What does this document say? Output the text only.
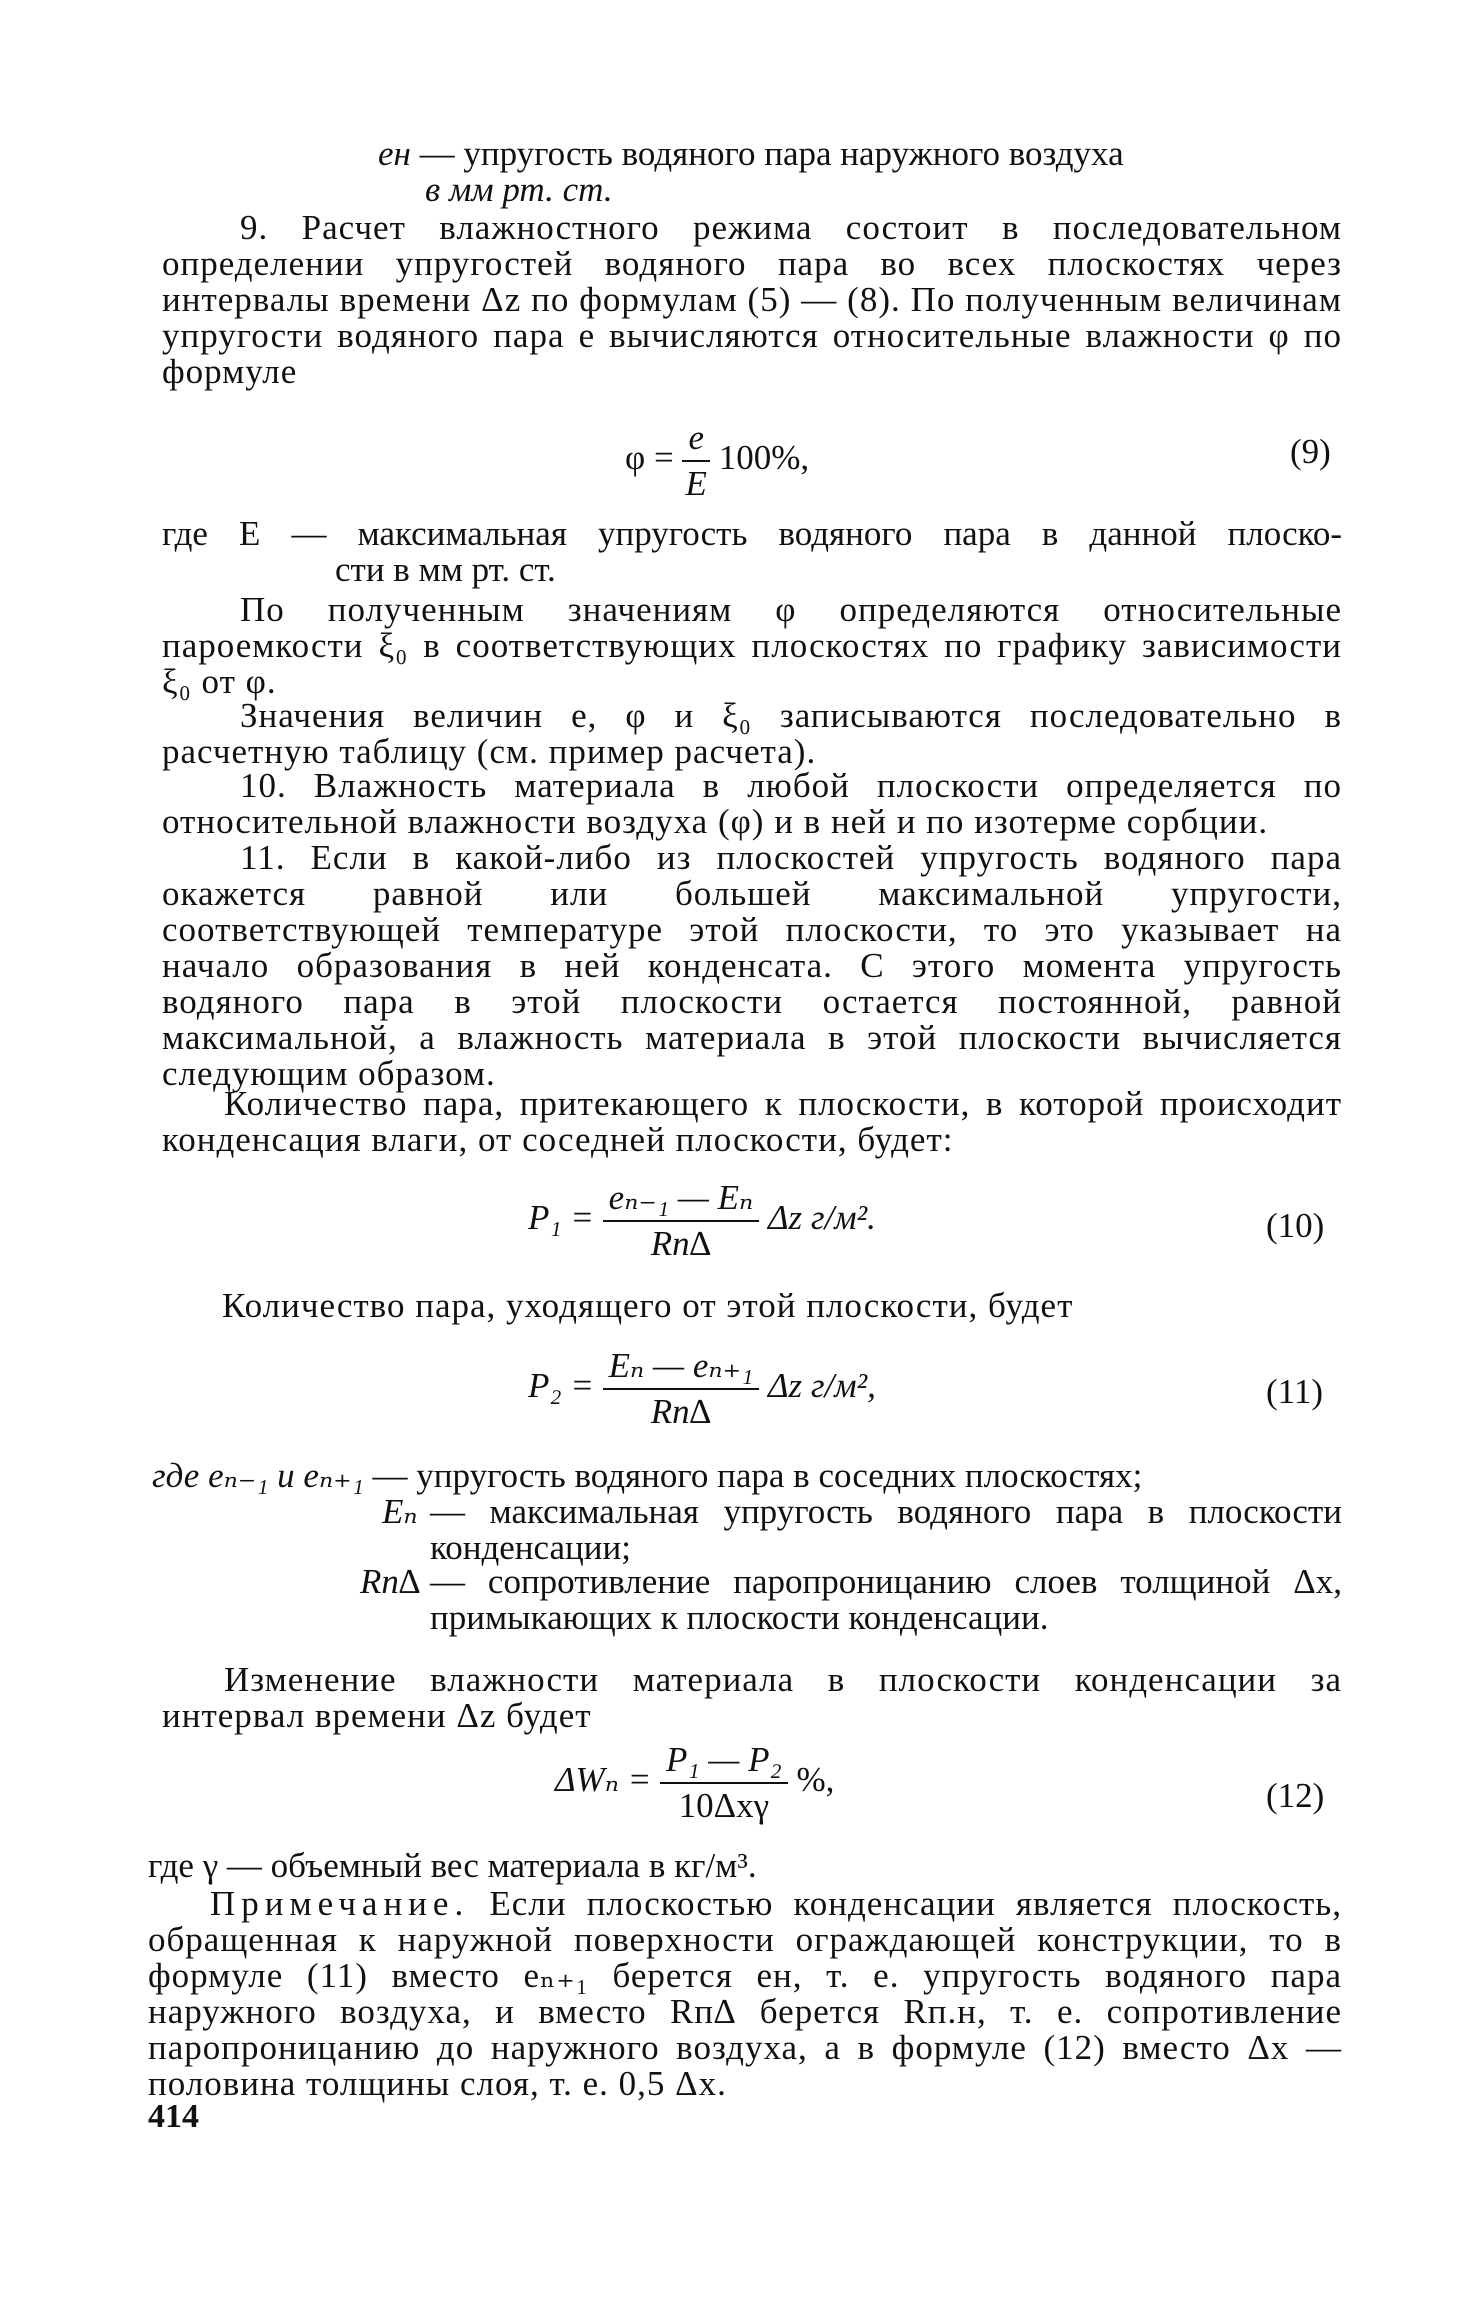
eн — упругость водяного пара наружного воздуха
в мм рт. ст.
9. Расчет влажностного режима состоит в последовательном определении упругостей водяного пара во всех плоскостях через интервалы времени Δz по формулам (5) — (8). По полученным величинам упругости водяного пара e вычисляются относительные влажности φ по формуле
$\varphi = \frac{e}{E} 100\%$,	(9)
где E — максимальная упругость водяного пара в данной плоско-
сти в мм рт. ст.
По полученным значениям φ определяются относительные пароемкости ξ₀ в соответствующих плоскостях по графику зависимости ξ₀ от φ.
Значения величин e, φ и ξ₀ записываются последовательно в расчетную таблицу (см. пример расчета).
10. Влажность материала в любой плоскости определяется по относительной влажности воздуха (φ) и в ней и по изотерме сорбции.
11. Если в какой-либо из плоскостей упругость водяного пара окажется равной или большей максимальной упругости, соответствующей температуре этой плоскости, то это указывает на начало образования в ней конденсата. С этого момента упругость водяного пара в этой плоскости остается постоянной, равной максимальной, а влажность материала в этой плоскости вычисляется следующим образом.
Количество пара, притекающего к плоскости, в которой происходит конденсация влаги, от соседней плоскости, будет:
$P_1 = \frac{\text{eₙ₋₁ — Eₙ}}{Rп\Delta}$ Δz г/м².	(10)
Количество пара, уходящего от этой плоскости, будет
$P_2 = \frac{\text{Eₙ — eₙ₊₁}}{Rп\Delta}$ Δz г/м²,	(11)
где eₙ₋₁ и eₙ₊₁ — упругость водяного пара в соседних плоскостях;
Eₙ — максимальная упругость водяного пара в плоскости конденсации;
Rп∆ — сопротивление паропроницанию слоев толщиной Δx, примыкающих к плоскости конденсации.
Изменение влажности материала в плоскости конденсации за интервал времени Δz будет
$\Delta W_n = \frac{\text{P₁ — P₂}}{\text{10Δxγ}}$ %,	(12)
где γ — объемный вес материала в кг/м³.
Примечание. Если плоскостью конденсации является плоскость, обращенная к наружной поверхности ограждающей конструкции, то в формуле (11) вместо eₙ₊₁ берется eн, т. е. упругость водяного пара наружного воздуха, и вместо Rп∆ берется Rп.н, т. е. сопротивление паропроницанию до наружного воздуха, а в формуле (12) вместо Δx — половина толщины слоя, т. е. 0,5 Δx.
414
